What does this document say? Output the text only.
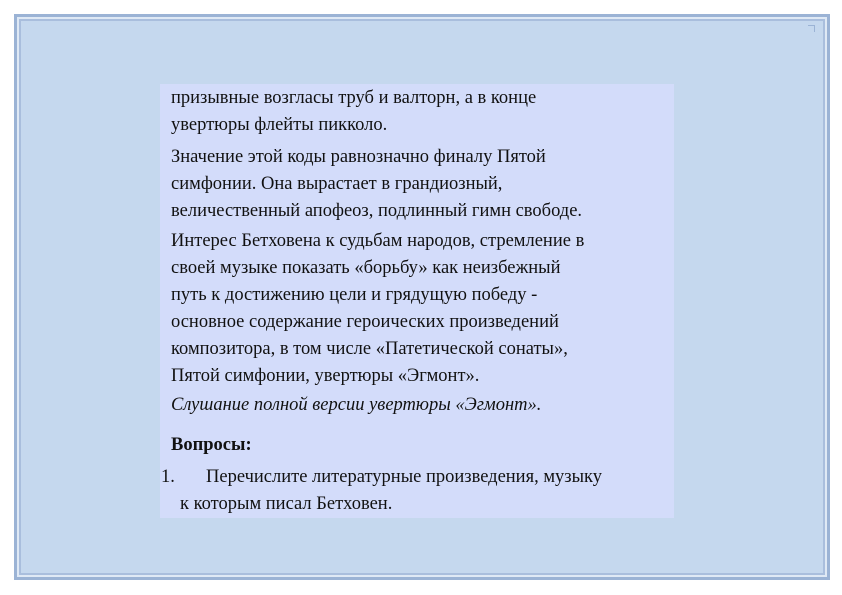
призывные возгласы труб и валторн, а в конце
увертюры флейты пикколо.

Значение этой коды равнозначно финалу Пятой
симфонии. Она вырастает в грандиозный,
величественный апофеоз, подлинный гимн свободе.

Интерес Бетховена к судьбам народов, стремление в
своей музыке показать «борьбу» как неизбежный
путь к достижению цели и грядущую победу -
основное содержание героических произведений
композитора, в том числе «Патетической сонаты»,
Пятой симфонии, увертюры «Эгмонт».

Слушание полной версии увертюры «Эгмонт».

Вопросы:

1. Перечислите литературные произведения, музыку
к которым писал Бетховен.
